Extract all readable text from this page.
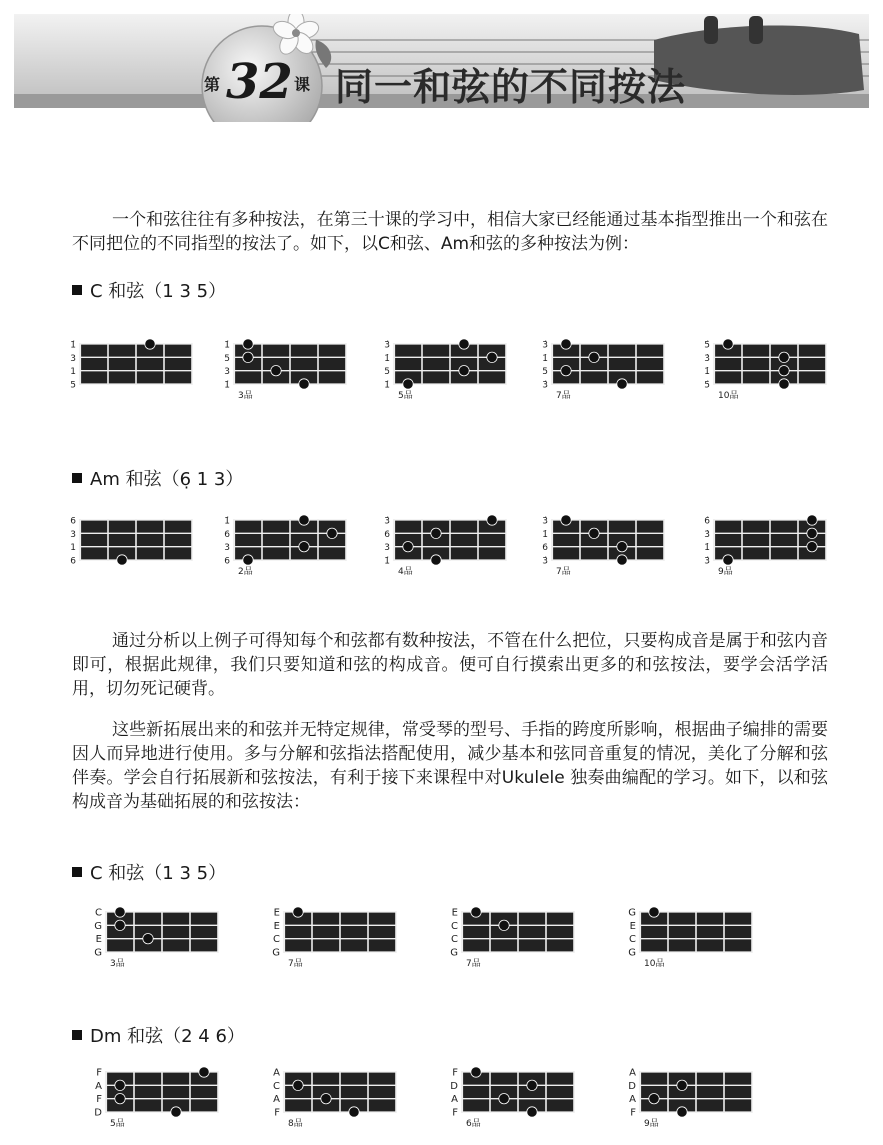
第 32 课 同一和弦的不同按法
一个和弦往往有多种按法，在第三十课的学习中，相信大家已经能通过基本指型推出一个和弦在不同把位的不同指型的按法了。如下，以C和弦、Am和弦的多种按法为例：
C 和弦（1 3 5）
1̇
3
1
5
1̇
5
3
1̇
3品
3̇
1̇
5
1̇
5品
3̇
1̇
5
3̇
7品
5̇
3̇
1̇
5̇
10品
Am 和弦（6̣ 1 3）
6
3
1
6
1̇
6
3
6
2品
3̇
6
3
1̇
4品
3̇
1̇
6
3̇
7品
6̇
3̇
1̇
3̇
9品
通过分析以上例子可得知每个和弦都有数种按法，不管在什么把位，只要构成音是属于和弦内音即可，根据此规律，我们只要知道和弦的构成音。便可自行摸索出更多的和弦按法，要学会活学活用，切勿死记硬背。
这些新拓展出来的和弦并无特定规律，常受琴的型号、手指的跨度所影响，根据曲子编排的需要因人而异地进行使用。多与分解和弦指法搭配使用，减少基本和弦同音重复的情况，美化了分解和弦伴奏。学会自行拓展新和弦按法，有利于接下来课程中对Ukulele 独奏曲编配的学习。如下，以和弦构成音为基础拓展的和弦按法：
C 和弦（1 3 5）
C
G
E
G
3品
E
E
C
G
7品
E
C
C
G
7品
G
E
C
G
10品
Dm 和弦（2 4 6）
F
A
F
D
5品
A
C
A
F
8品
F
D
A
F
6品
A
D
A
F
9品
